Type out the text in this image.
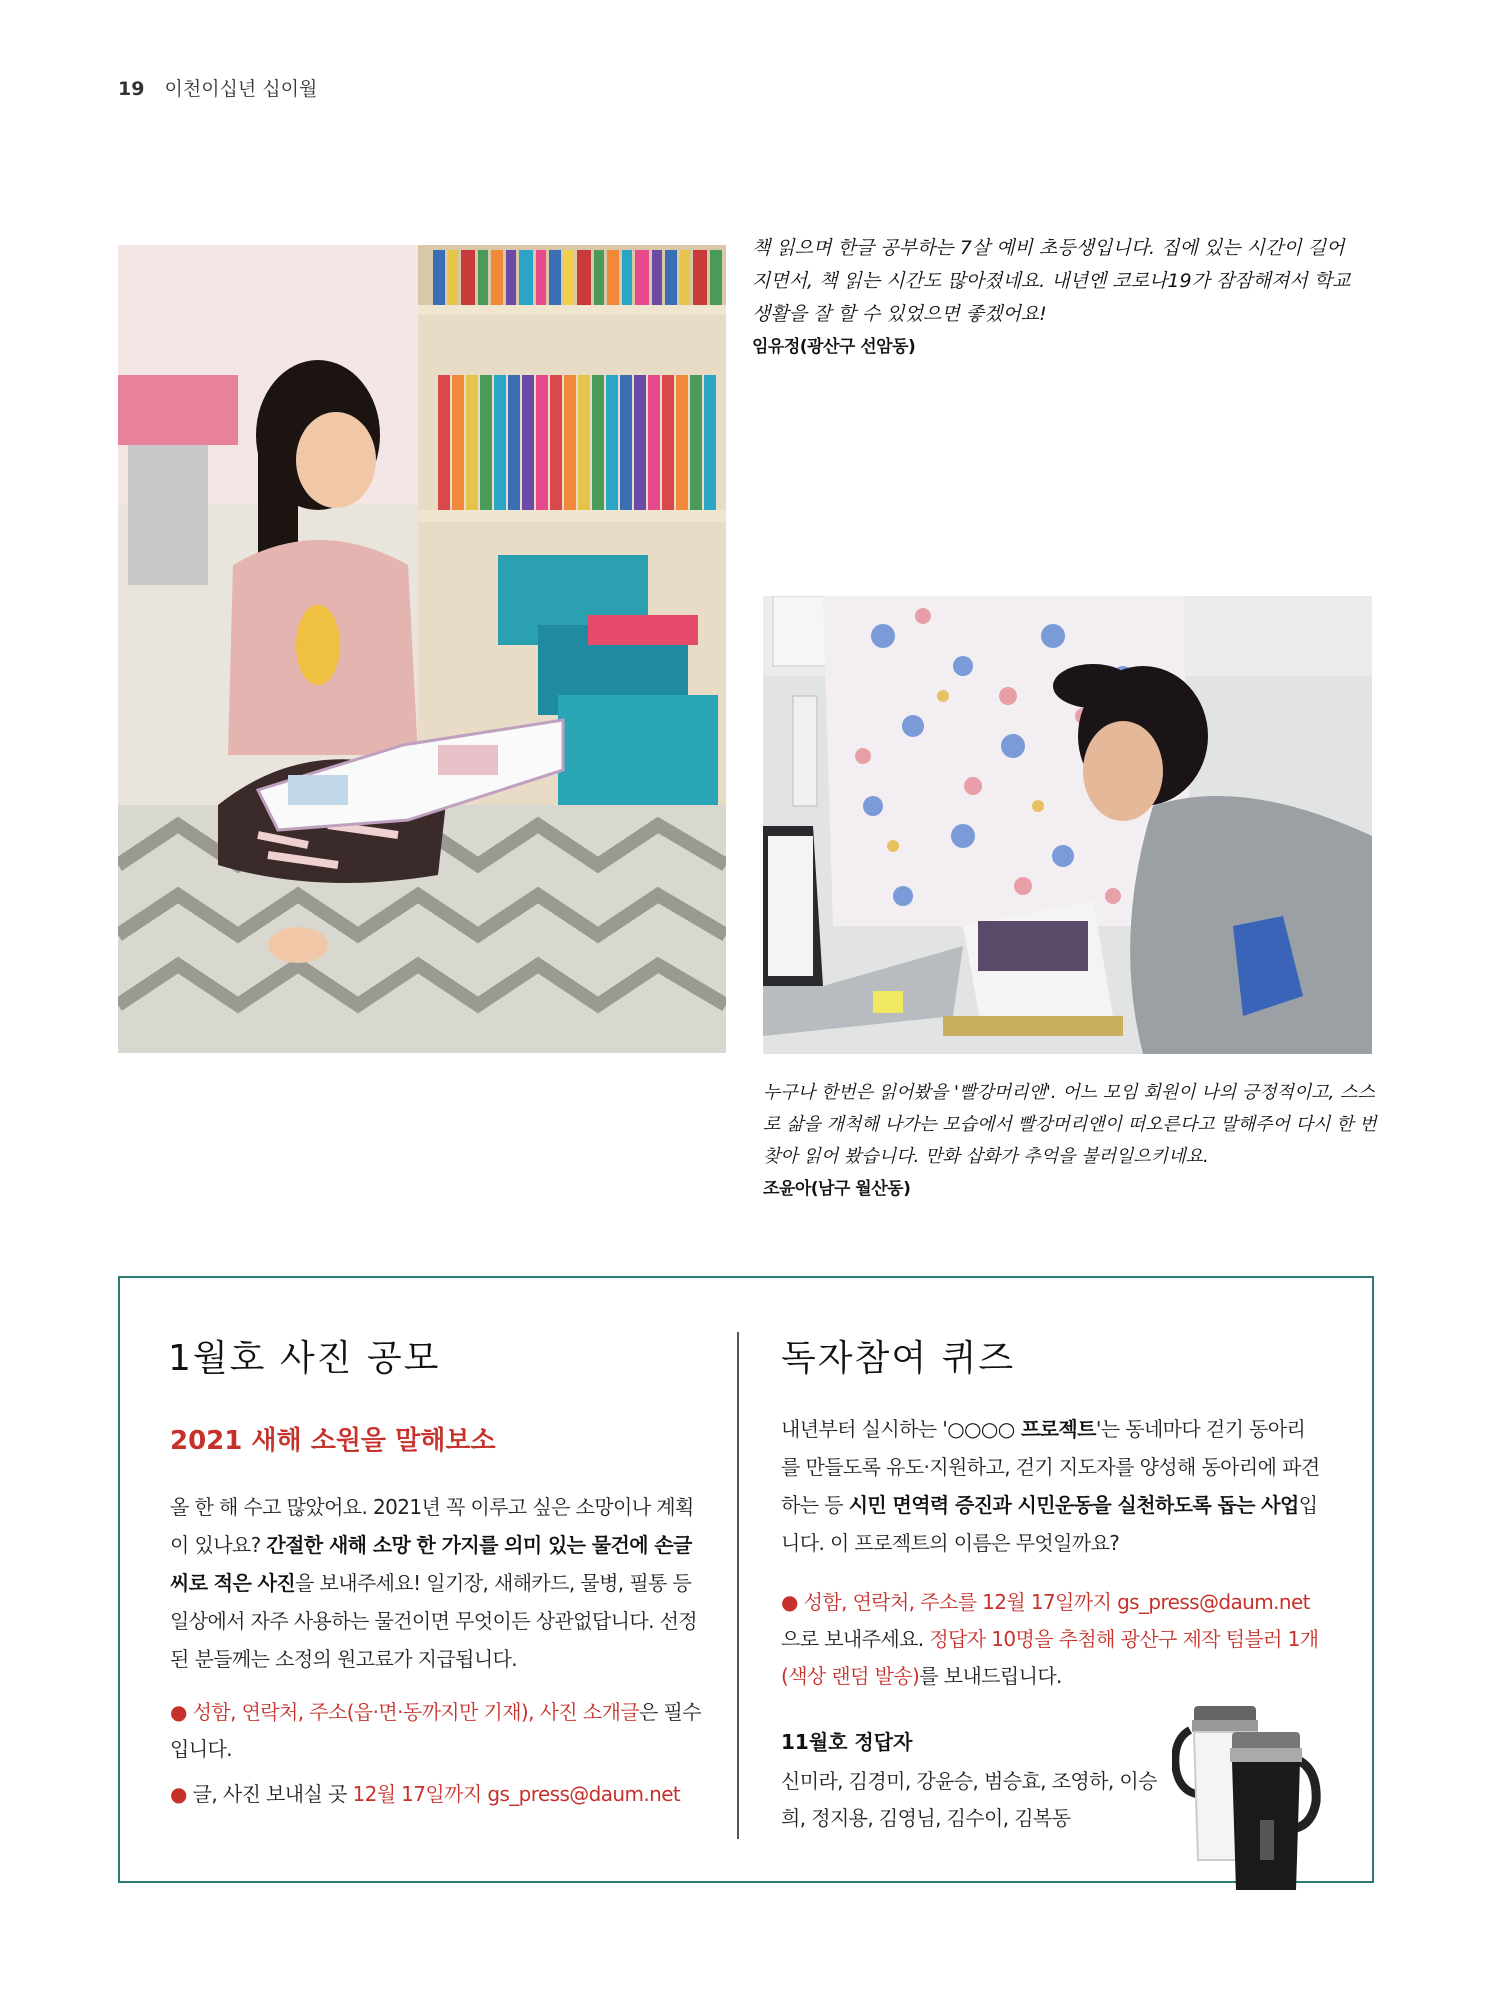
19 이천이십년 십이월
책 읽으며 한글 공부하는 7살 예비 초등생입니다. 집에 있는 시간이 길어지면서, 책 읽는 시간도 많아졌네요. 내년엔 코로나19가 잠잠해져서 학교생활을 잘 할 수 있었으면 좋겠어요!
임유정(광산구 선암동)
누구나 한번은 읽어봤을 '빨강머리앤'. 어느 모임 회원이 나의 긍정적이고, 스스로 삶을 개척해 나가는 모습에서 빨강머리앤이 떠오른다고 말해주어 다시 한 번 찾아 읽어 봤습니다. 만화 삽화가 추억을 불러일으키네요.
조윤아(남구 월산동)
1월호 사진 공모
2021 새해 소원을 말해보소
올 한 해 수고 많았어요. 2021년 꼭 이루고 싶은 소망이나 계획이 있나요? 간절한 새해 소망 한 가지를 의미 있는 물건에 손글씨로 적은 사진을 보내주세요! 일기장, 새해카드, 물병, 필통 등 일상에서 자주 사용하는 물건이면 무엇이든 상관없답니다. 선정된 분들께는 소정의 원고료가 지급됩니다.
● 성함, 연락처, 주소(읍·면·동까지만 기재), 사진 소개글은 필수입니다.
● 글, 사진 보내실 곳 12월 17일까지 gs_press@daum.net
독자참여 퀴즈
내년부터 실시하는 '○○○○ 프로젝트'는 동네마다 걷기 동아리를 만들도록 유도·지원하고, 걷기 지도자를 양성해 동아리에 파견하는 등 시민 면역력 증진과 시민운동을 실천하도록 돕는 사업입니다. 이 프로젝트의 이름은 무엇일까요?
● 성함, 연락처, 주소를 12월 17일까지 gs_press@daum.net으로 보내주세요. 정답자 10명을 추첨해 광산구 제작 텀블러 1개(색상 랜덤 발송)를 보내드립니다.
11월호 정답자
신미라, 김경미, 강윤승, 범승효, 조영하, 이승희, 정지용, 김영님, 김수이, 김복동
